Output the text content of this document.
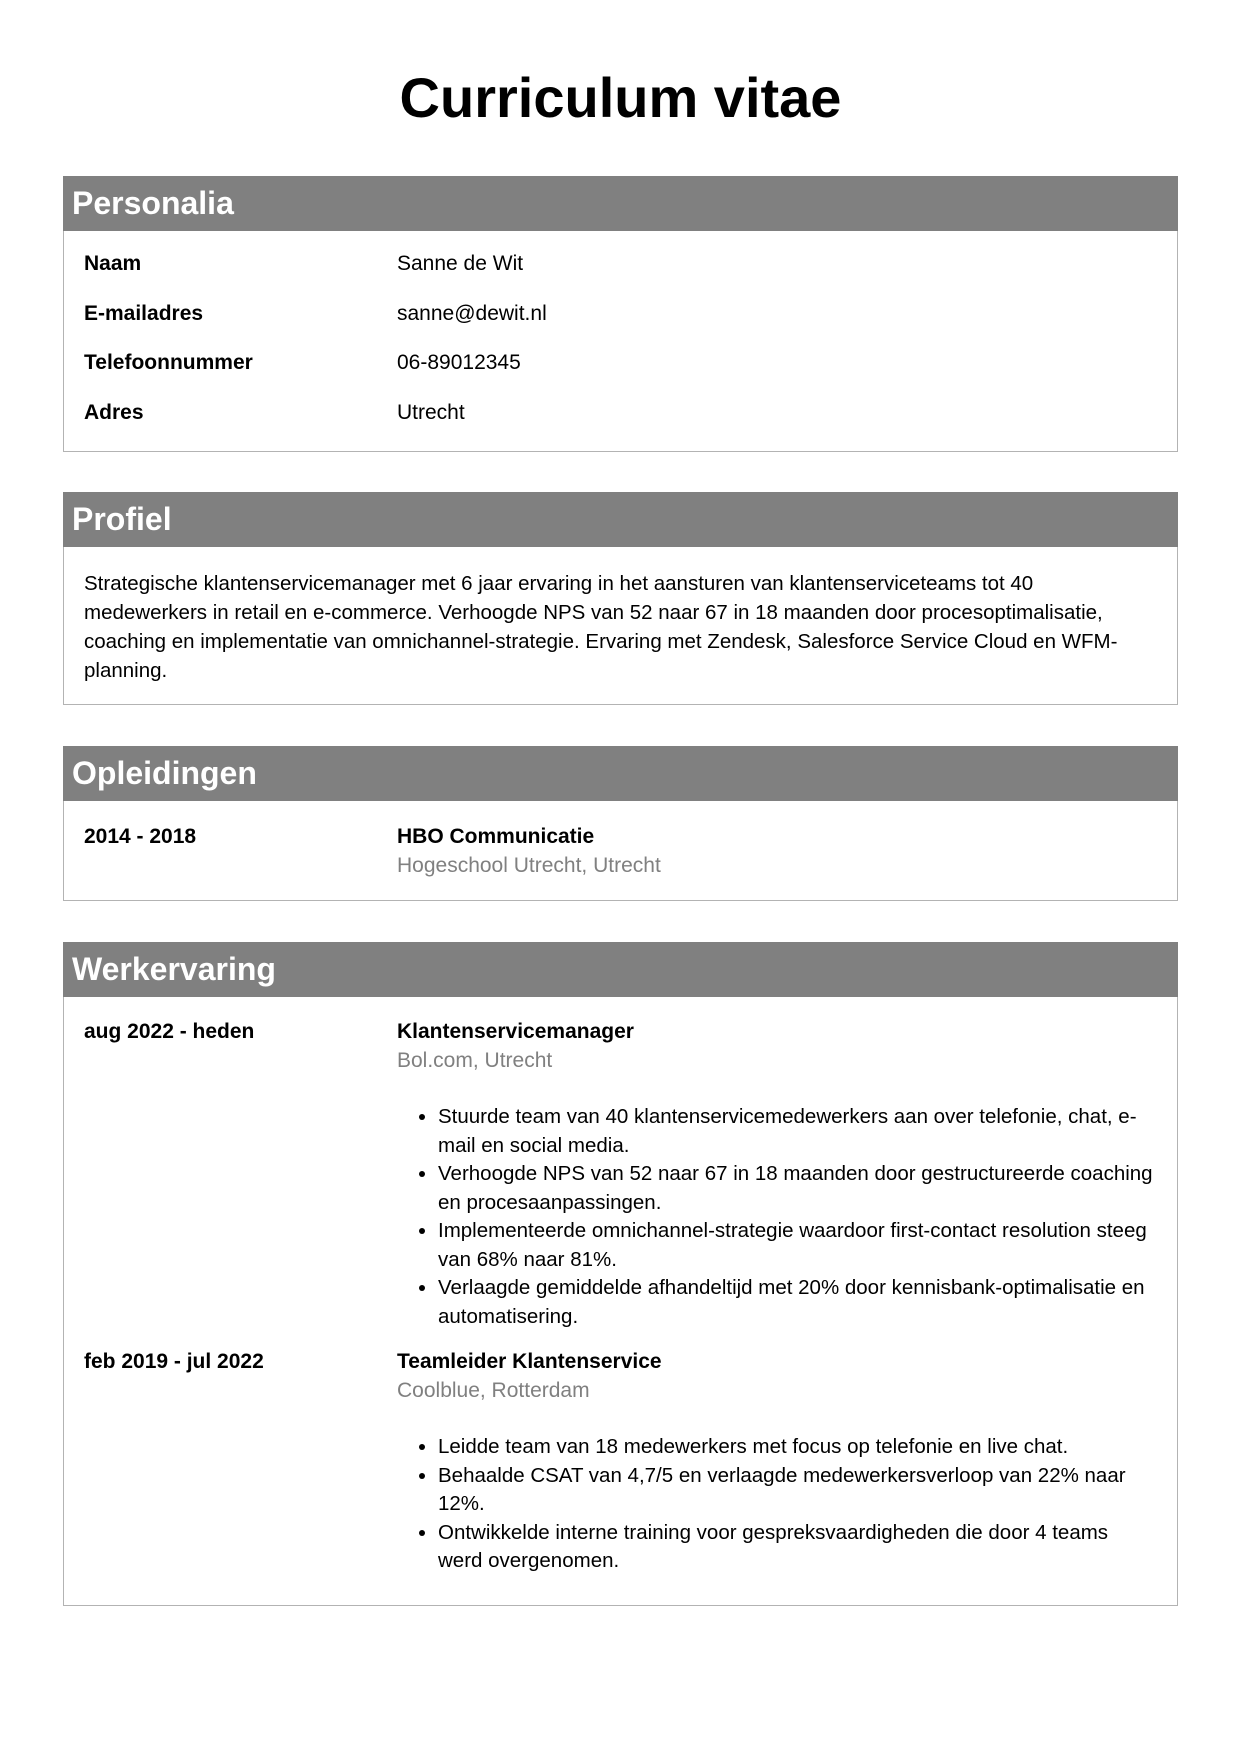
Curriculum vitae
Personalia
Naam	Sanne de Wit
E-mailadres	sanne@dewit.nl
Telefoonnummer	06-89012345
Adres	Utrecht
Profiel

Strategische klantenservicemanager met 6 jaar ervaring in het aansturen van klantenserviceteams tot 40 medewerkers in retail en e-commerce. Verhoogde NPS van 52 naar 67 in 18 maanden door procesoptimalisatie, coaching en implementatie van omnichannel-strategie. Ervaring met Zendesk, Salesforce Service Cloud en WFM-planning.

Opleidingen
2014 - 2018	HBO Communicatie
Hogeschool Utrecht, Utrecht
Werkervaring
aug 2022 - heden	Klantenservicemanager
Bol.com, Utrecht
• Stuurde team van 40 klantenservicemedewerkers aan over telefonie, chat, e-mail en social media.
• Verhoogde NPS van 52 naar 67 in 18 maanden door gestructureerde coaching en procesaanpassingen.
• Implementeerde omnichannel-strategie waardoor first-contact resolution steeg van 68% naar 81%.
• Verlaagde gemiddelde afhandeltijd met 20% door kennisbank-optimalisatie en automatisering.
feb 2019 - jul 2022	Teamleider Klantenservice
Coolblue, Rotterdam
• Leidde team van 18 medewerkers met focus op telefonie en live chat.
• Behaalde CSAT van 4,7/5 en verlaagde medewerkersverloop van 22% naar 12%.
• Ontwikkelde interne training voor gespreksvaardigheden die door 4 teams werd overgenomen.
